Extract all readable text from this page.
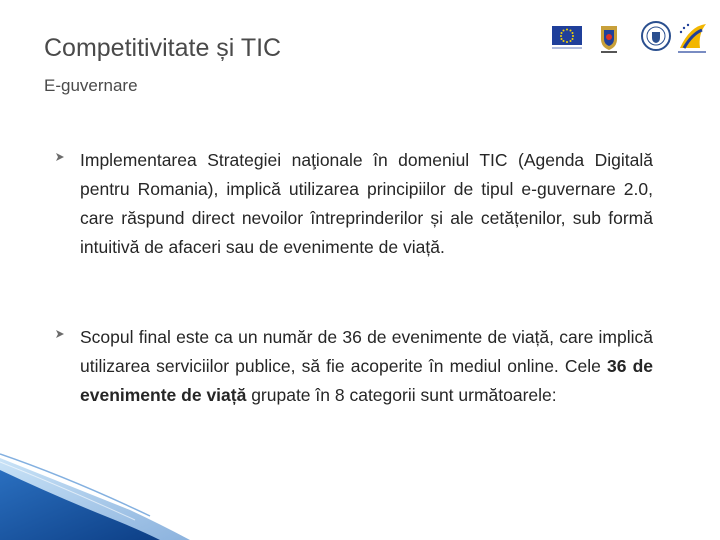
Competitivitate și TIC
E-guvernare
Implementarea Strategiei naţionale în domeniul TIC (Agenda Digitală pentru Romania), implică utilizarea principiilor de tipul e-guvernare 2.0, care răspund direct nevoilor întreprinderilor și ale cetățenilor, sub formă intuitivă de afaceri sau de evenimente de viață.
Scopul final este ca un număr de 36 de evenimente de viață, care implică utilizarea serviciilor publice, să fie acoperite în mediul online. Cele 36 de evenimente de viață grupate în 8 categorii sunt următoarele:
